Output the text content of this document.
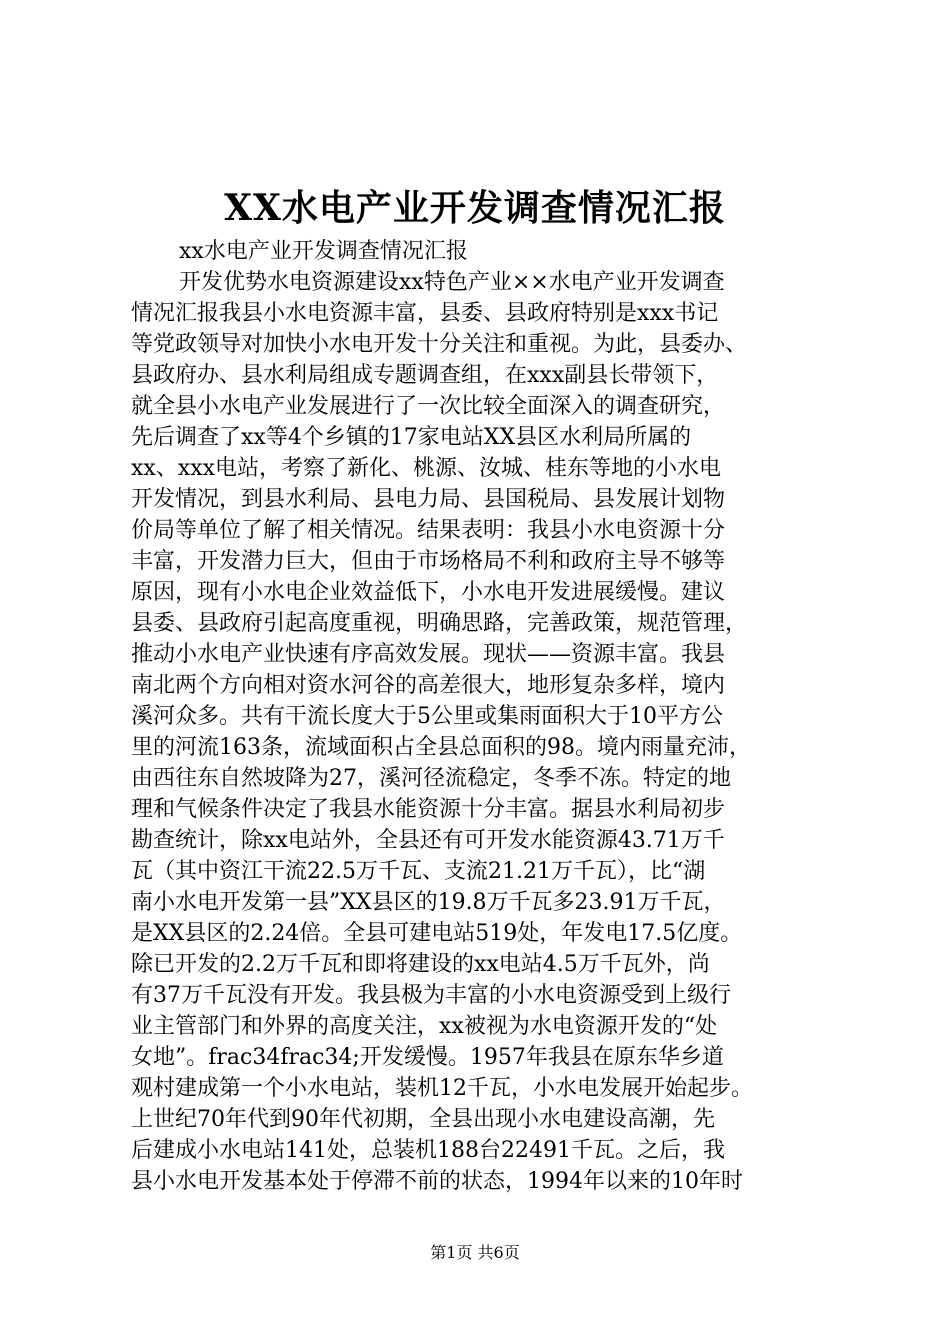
XX水电产业开发调查情况汇报
xx水电产业开发调查情况汇报
开发优势水电资源建设xx特色产业××水电产业开发调查
情况汇报我县小水电资源丰富，县委、县政府特别是xxx书记
等党政领导对加快小水电开发十分关注和重视。为此，县委办、
县政府办、县水利局组成专题调查组，在xxx副县长带领下，
就全县小水电产业发展进行了一次比较全面深入的调查研究，
先后调查了xx等4个乡镇的17家电站XX县区水利局所属的
xx、xxx电站，考察了新化、桃源、汝城、桂东等地的小水电
开发情况，到县水利局、县电力局、县国税局、县发展计划物
价局等单位了解了相关情况。结果表明：我县小水电资源十分
丰富，开发潜力巨大，但由于市场格局不利和政府主导不够等
原因，现有小水电企业效益低下，小水电开发进展缓慢。建议
县委、县政府引起高度重视，明确思路，完善政策，规范管理，
推动小水电产业快速有序高效发展。现状——资源丰富。我县
南北两个方向相对资水河谷的高差很大，地形复杂多样，境内
溪河众多。共有干流长度大于5公里或集雨面积大于10平方公
里的河流163条，流域面积占全县总面积的98。境内雨量充沛，
由西往东自然坡降为27，溪河径流稳定，冬季不冻。特定的地
理和气候条件决定了我县水能资源十分丰富。据县水利局初步
勘查统计，除xx电站外，全县还有可开发水能资源43.71万千
瓦（其中资江干流22.5万千瓦、支流21.21万千瓦），比“湖
南小水电开发第一县”XX县区的19.8万千瓦多23.91万千瓦，
是XX县区的2.24倍。全县可建电站519处，年发电17.5亿度。
除已开发的2.2万千瓦和即将建设的xx电站4.5万千瓦外，尚
有37万千瓦没有开发。我县极为丰富的小水电资源受到上级行
业主管部门和外界的高度关注，xx被视为水电资源开发的“处
女地”。frac34frac34;开发缓慢。1957年我县在原东华乡道
观村建成第一个小水电站，装机12千瓦，小水电发展开始起步。
上世纪70年代到90年代初期，全县出现小水电建设高潮，先
后建成小水电站141处，总装机188台22491千瓦。之后，我
县小水电开发基本处于停滞不前的状态，1994年以来的10年时
第1页 共6页
